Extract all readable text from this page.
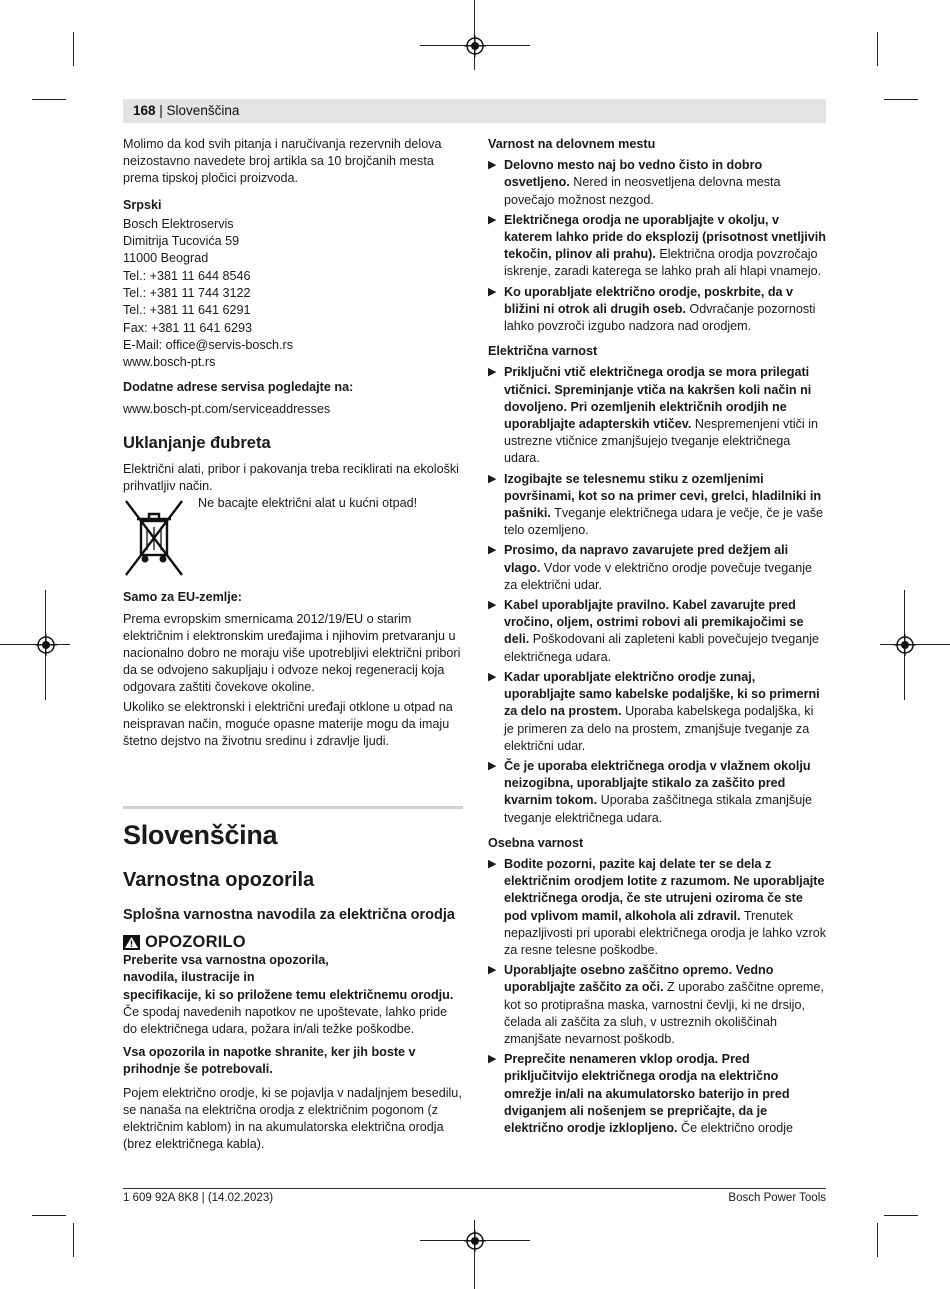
168 | Slovenščina

Molimo da kod svih pitanja i naručivanja rezervnih delova neizostavno navedete broj artikla sa 10 brojčanih mesta prema tipskoj pločici proizvoda.

Srpski
Bosch Elektroservis
Dimitrija Tucovića 59
11000 Beograd
Tel.: +381 11 644 8546
Tel.: +381 11 744 3122
Tel.: +381 11 641 6291
Fax: +381 11 641 6293
E-Mail: office@servis-bosch.rs
www.bosch-pt.rs
Dodatne adrese servisa pogledajte na:
www.bosch-pt.com/serviceaddresses
Uklanjanje đubreta
Električni alati, pribor i pakovanja treba reciklirati na ekološki prihvatljiv način.
Ne bacajte električni alat u kućni otpad!
Samo za EU-zemlje:

Prema evropskim smernicama 2012/19/EU o starim električnim i elektronskim uređajima i njihovim pretvaranju u nacionalno dobro ne moraju više upotrebljivi električni pribori da se odvojeno sakupljaju i odvoze nekoj regeneracij koja odgovara zaštiti čovekove okoline.

Ukoliko se elektronski i električni uređaji otklone u otpad na neispravan način, moguće opasne materije mogu da imaju štetno dejstvo na životnu sredinu i zdravlje ljudi.

Slovenščina
Varnostna opozorila
Splošna varnostna navodila za električna orodja
OPOZORILO
Preberite vsa varnostna opozorila, navodila, ilustracije in
specifikacije, ki so priložene temu električnemu orodju. Če spodaj navedenih napotkov ne upoštevate, lahko pride do električnega udara, požara in/ali težke poškodbe.

Vsa opozorila in napotke shranite, ker jih boste v prihodnje še potrebovali.

Pojem električno orodje, ki se pojavlja v nadaljnjem besedilu, se nanaša na električna orodja z električnim pogonom (z električnim kablom) in na akumulatorska električna orodja (brez električnega kabla).

Varnost na delovnem mestu
▶ Delovno mesto naj bo vedno čisto in dobro osvetljeno. Nered in neosvetljena delovna mesta povečajo možnost nezgod.
▶ Električnega orodja ne uporabljajte v okolju, v katerem lahko pride do eksplozij (prisotnost vnetljivih tekočin, plinov ali prahu). Električna orodja povzročajo iskrenje, zaradi katerega se lahko prah ali hlapi vnamejo.
▶ Ko uporabljate električno orodje, poskrbite, da v bližini ni otrok ali drugih oseb. Odvračanje pozornosti lahko povzroči izgubo nadzora nad orodjem.
Električna varnost
▶ Priključni vtič električnega orodja se mora prilegati vtičnici. Spreminjanje vtiča na kakršen koli način ni dovoljeno. Pri ozemljenih električnih orodjih ne uporabljajte adapterskih vtičev. Nespremenjeni vtiči in ustrezne vtičnice zmanjšujejo tveganje električnega udara.
▶ Izogibajte se telesnemu stiku z ozemljenimi površinami, kot so na primer cevi, grelci, hladilniki in pašniki. Tveganje električnega udara je večje, če je vaše telo ozemljeno.
▶ Prosimo, da napravo zavarujete pred dežjem ali vlago. Vdor vode v električno orodje povečuje tveganje za električni udar.
▶ Kabel uporabljajte pravilno. Kabel zavarujte pred vročino, oljem, ostrimi robovi ali premikajočimi se deli. Poškodovani ali zapleteni kabli povečujejo tveganje električnega udara.
▶ Kadar uporabljate električno orodje zunaj, uporabljajte samo kabelske podaljške, ki so primerni za delo na prostem. Uporaba kabelskega podaljška, ki je primeren za delo na prostem, zmanjšuje tveganje za električni udar.
▶ Če je uporaba električnega orodja v vlažnem okolju neizogibna, uporabljajte stikalo za zaščito pred kvarnim tokom. Uporaba zaščitnega stikala zmanjšuje tveganje električnega udara.
Osebna varnost
▶ Bodite pozorni, pazite kaj delate ter se dela z električnim orodjem lotite z razumom. Ne uporabljajte električnega orodja, če ste utrujeni oziroma če ste pod vplivom mamil, alkohola ali zdravil. Trenutek nepazljivosti pri uporabi električnega orodja je lahko vzrok za resne telesne poškodbe.
▶ Uporabljajte osebno zaščitno opremo. Vedno uporabljajte zaščito za oči. Z uporabo zaščitne opreme, kot so protiprašna maska, varnostni čevlji, ki ne drsijo, čelada ali zaščita za sluh, v ustreznih okoliščinah zmanjšate nevarnost poškodb.
▶ Preprečite nenameren vklop orodja. Pred priključitvijo električnega orodja na električno omrežje in/ali na akumulatorsko baterijo in pred dviganjem ali nošenjem se prepričajte, da je električno orodje izklopljeno. Če električno orodje
1 609 92A 8K8 | (14.02.2023)	Bosch Power Tools
